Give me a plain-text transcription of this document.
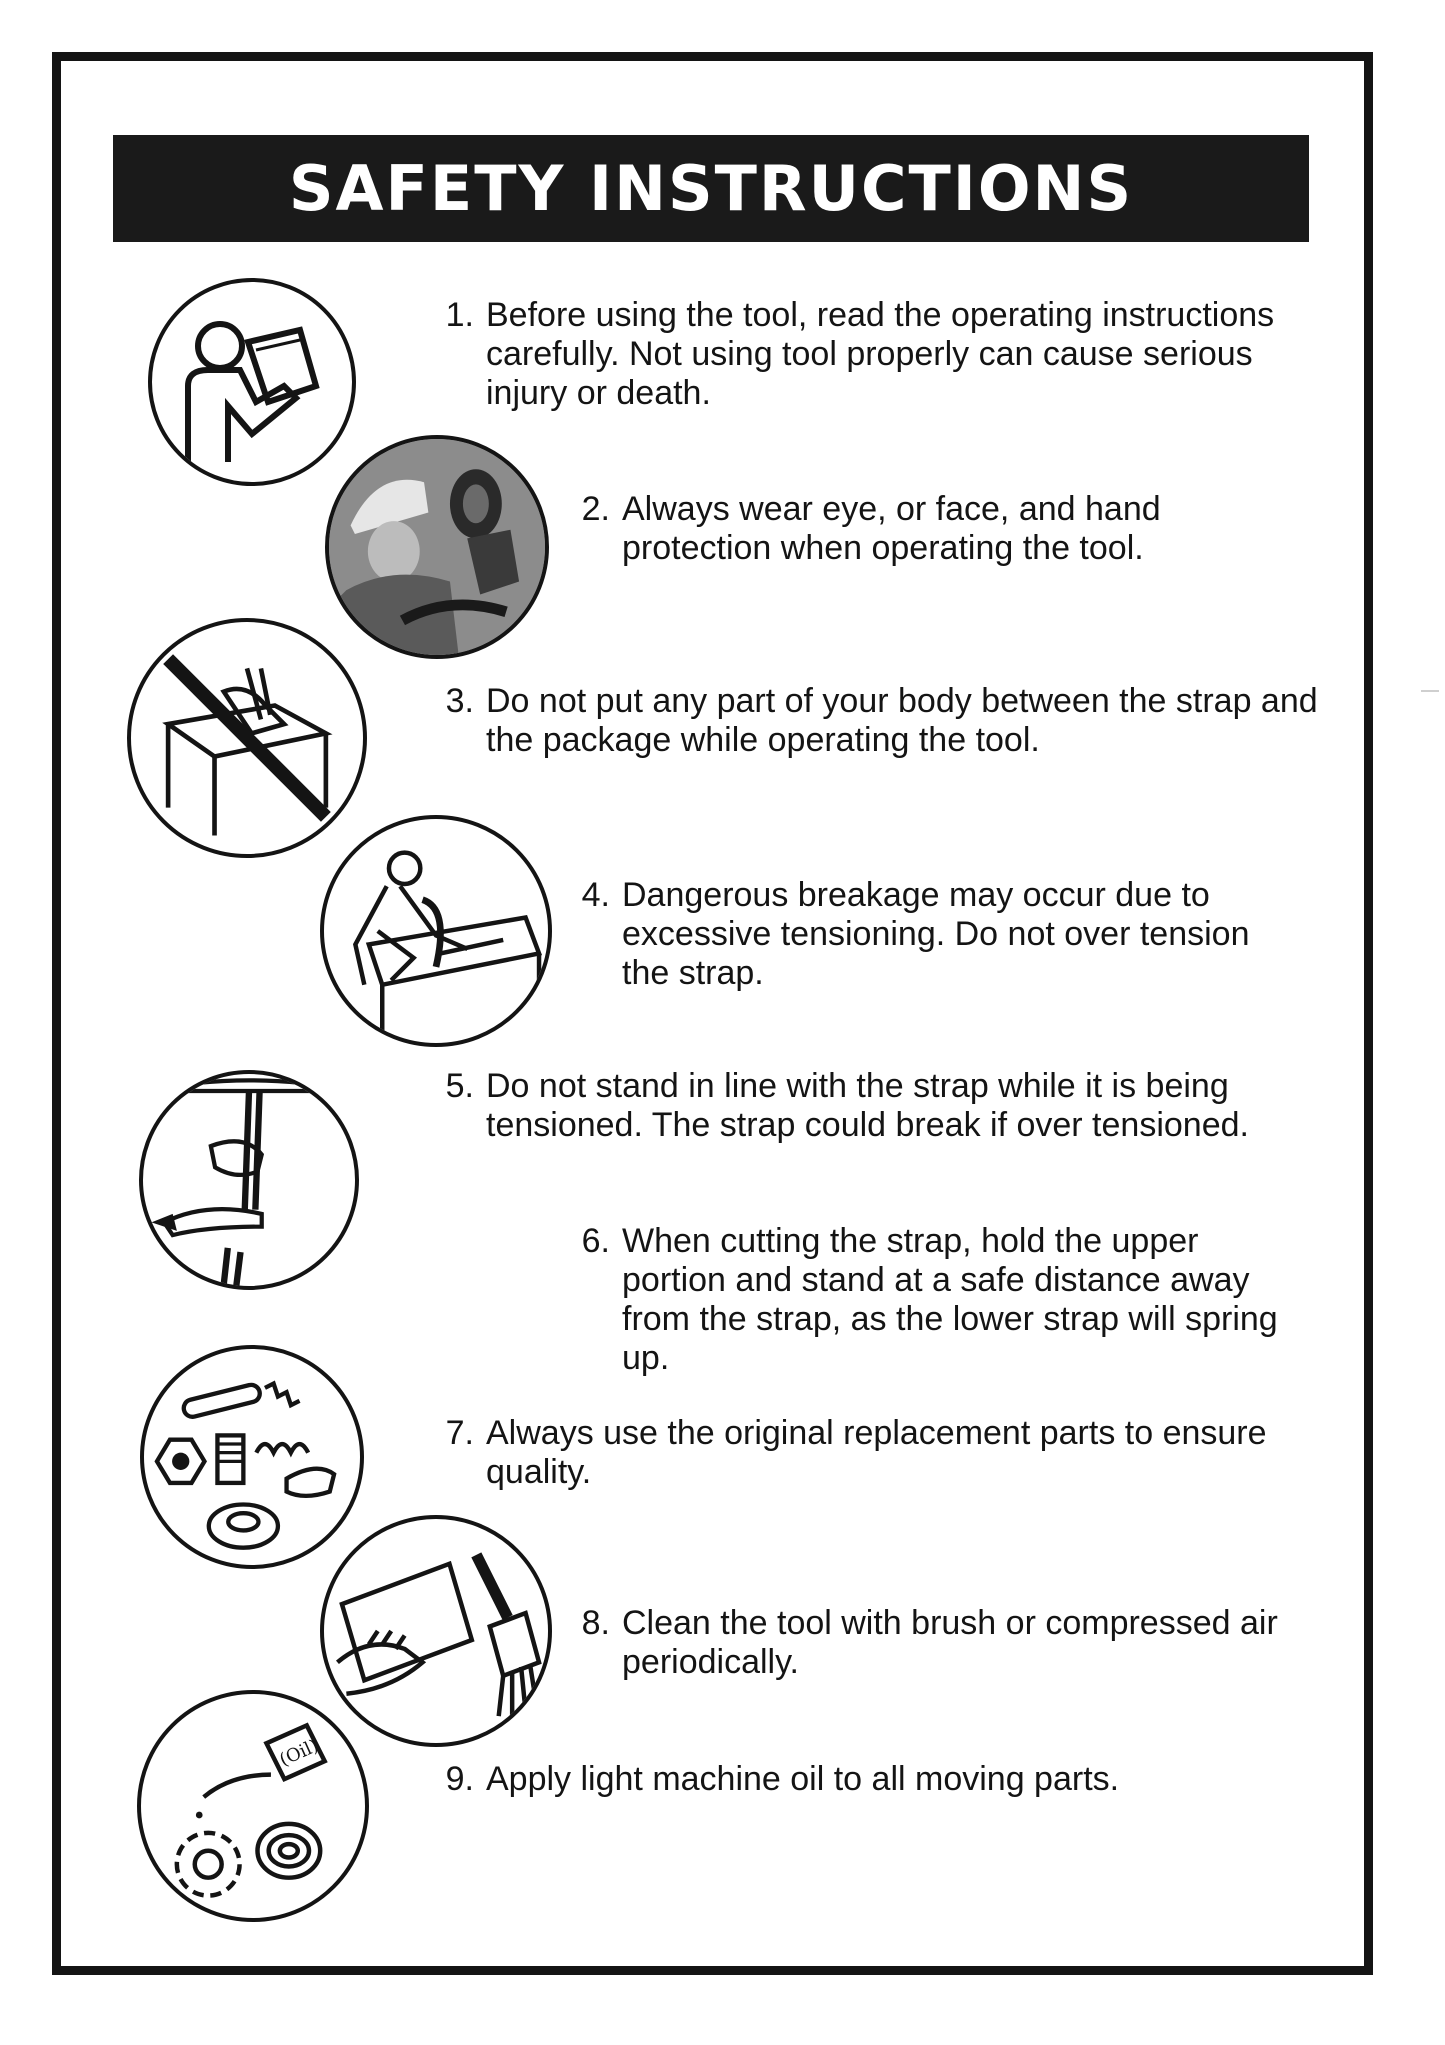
SAFETY INSTRUCTIONS
(Oil)
1. Before using the tool, read the operating instructions carefully. Not using tool properly can cause serious injury or death.
2. Always wear eye, or face, and hand protection when operating the tool.
3. Do not put any part of your body between the strap and the package while operating the tool.
4. Dangerous breakage may occur due to excessive tensioning. Do not over tension the strap.
5. Do not stand in line with the strap while it is being tensioned. The strap could break if over tensioned.
6. When cutting the strap, hold the upper portion and stand at a safe distance away from the strap, as the lower strap will spring up.
7. Always use the original replacement parts to ensure quality.
8. Clean the tool with brush or compressed air periodically.
9. Apply light machine oil to all moving parts.
